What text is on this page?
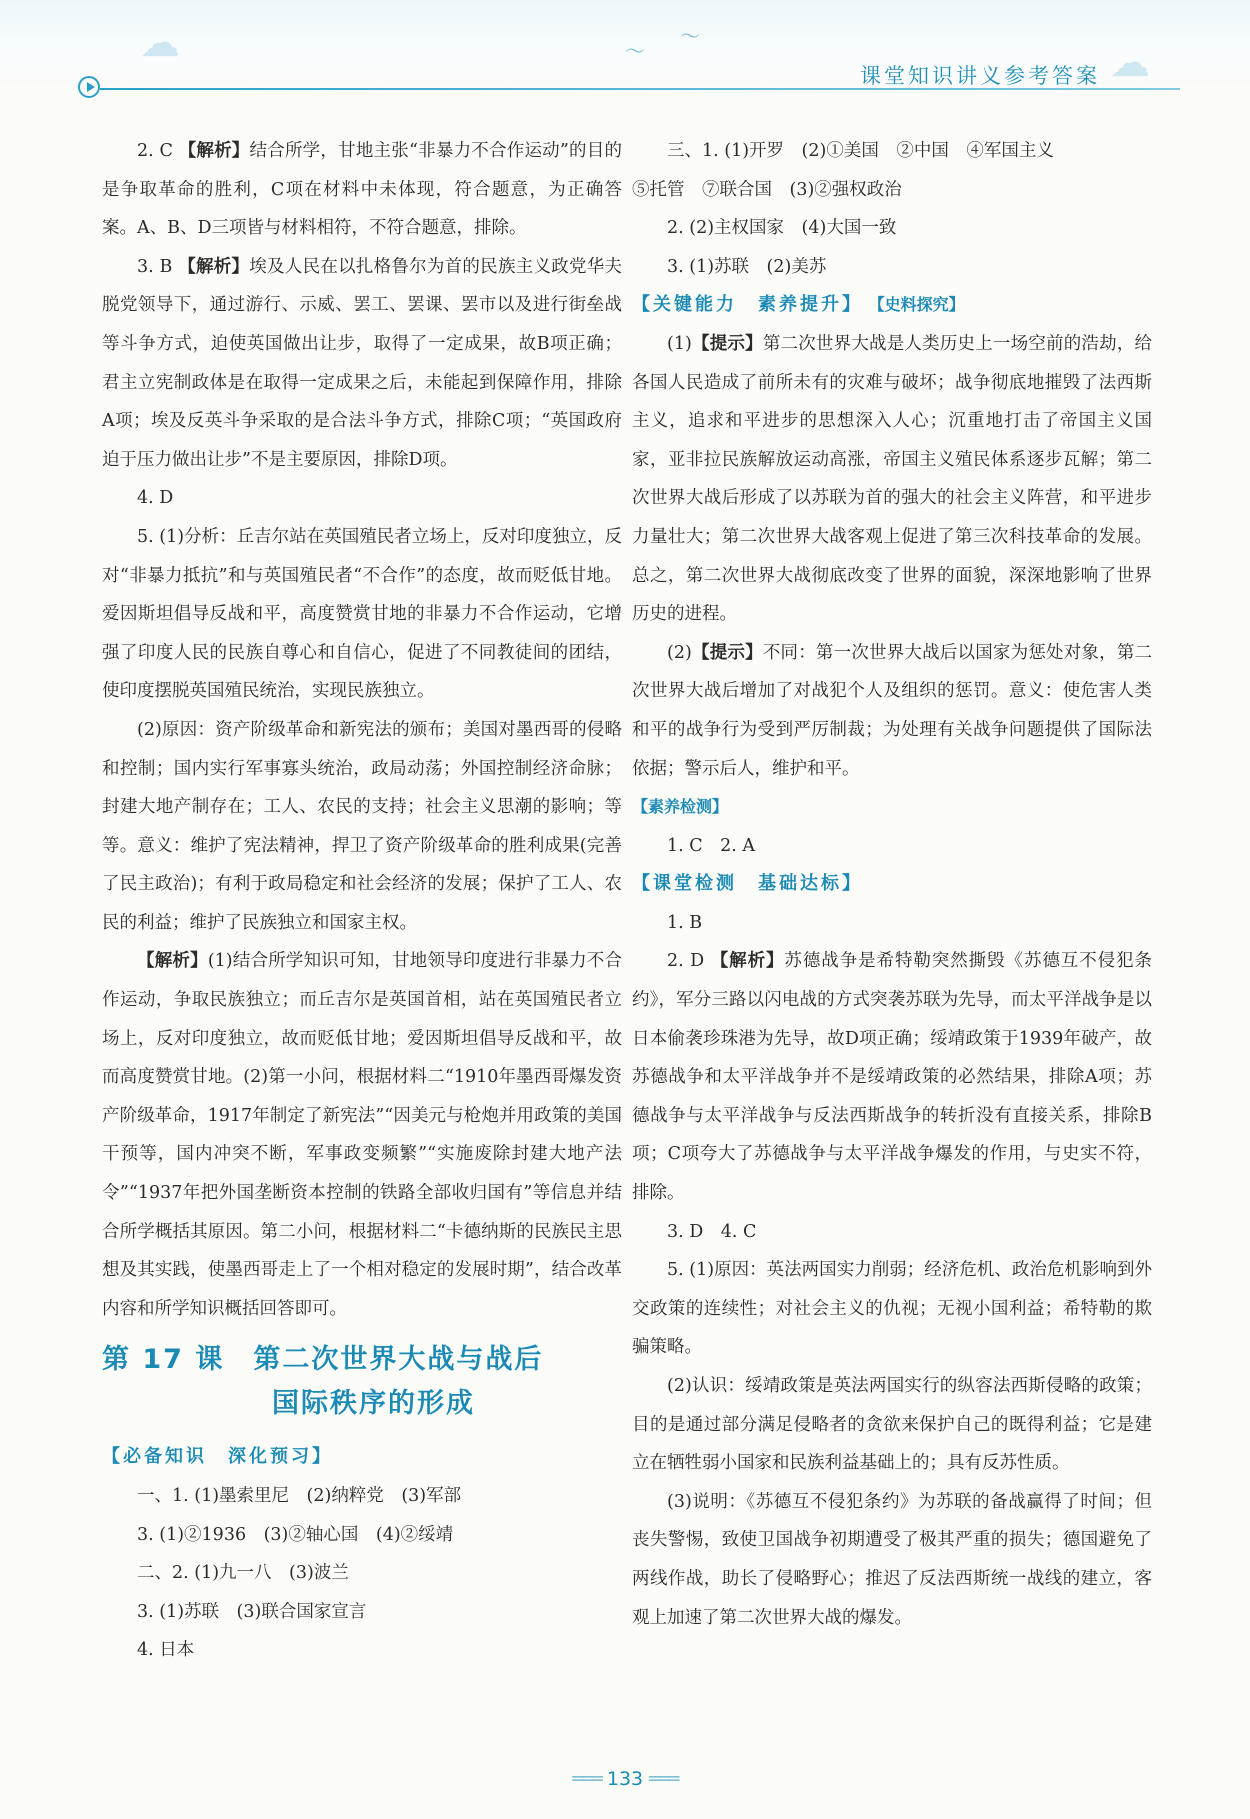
☁	〜
〜
☁
课堂知识讲义参考答案

2. C 【解析】结合所学，甘地主张“非暴力不合作运动”的目的是争取革命的胜利，C项在材料中未体现，符合题意，为正确答案。A、B、D三项皆与材料相符，不符合题意，排除。

3. B 【解析】埃及人民在以扎格鲁尔为首的民族主义政党华夫脱党领导下，通过游行、示威、罢工、罢课、罢市以及进行街垒战等斗争方式，迫使英国做出让步，取得了一定成果，故B项正确；君主立宪制政体是在取得一定成果之后，未能起到保障作用，排除A项；埃及反英斗争采取的是合法斗争方式，排除C项；“英国政府迫于压力做出让步”不是主要原因，排除D项。

4. D

5. (1)分析：丘吉尔站在英国殖民者立场上，反对印度独立，反对“非暴力抵抗”和与英国殖民者“不合作”的态度，故而贬低甘地。爱因斯坦倡导反战和平，高度赞赏甘地的非暴力不合作运动，它增强了印度人民的民族自尊心和自信心，促进了不同教徒间的团结，使印度摆脱英国殖民统治，实现民族独立。

(2)原因：资产阶级革命和新宪法的颁布；美国对墨西哥的侵略和控制；国内实行军事寡头统治，政局动荡；外国控制经济命脉；封建大地产制存在；工人、农民的支持；社会主义思潮的影响；等等。意义：维护了宪法精神，捍卫了资产阶级革命的胜利成果(完善了民主政治)；有利于政局稳定和社会经济的发展；保护了工人、农民的利益；维护了民族独立和国家主权。

【解析】(1)结合所学知识可知，甘地领导印度进行非暴力不合作运动，争取民族独立；而丘吉尔是英国首相，站在英国殖民者立场上，反对印度独立，故而贬低甘地；爱因斯坦倡导反战和平，故而高度赞赏甘地。(2)第一小问，根据材料二“1910年墨西哥爆发资产阶级革命，1917年制定了新宪法”“因美元与枪炮并用政策的美国干预等，国内冲突不断，军事政变频繁”“实施废除封建大地产法令”“1937年把外国垄断资本控制的铁路全部收归国有”等信息并结合所学概括其原因。第二小问，根据材料二“卡德纳斯的民族民主思想及其实践，使墨西哥走上了一个相对稳定的发展时期”，结合改革内容和所学知识概括回答即可。

第 17 课　第二次世界大战与战后
国际秩序的形成
【必备知识　深化预习】

一、1. (1)墨索里尼　(2)纳粹党　(3)军部

3. (1)②1936　(3)②轴心国　(4)②绥靖

二、2. (1)九一八　(3)波兰

3. (1)苏联　(3)联合国家宣言

4. 日本

三、1. (1)开罗　(2)①美国　②中国　④军国主义

⑤托管　⑦联合国　(3)②强权政治

2. (2)主权国家　(4)大国一致

3. (1)苏联　(2)美苏

【关键能力　素养提升】 【史料探究】

(1)【提示】第二次世界大战是人类历史上一场空前的浩劫，给各国人民造成了前所未有的灾难与破坏；战争彻底地摧毁了法西斯主义，追求和平进步的思想深入人心；沉重地打击了帝国主义国家，亚非拉民族解放运动高涨，帝国主义殖民体系逐步瓦解；第二次世界大战后形成了以苏联为首的强大的社会主义阵营，和平进步力量壮大；第二次世界大战客观上促进了第三次科技革命的发展。总之，第二次世界大战彻底改变了世界的面貌，深深地影响了世界历史的进程。

(2)【提示】不同：第一次世界大战后以国家为惩处对象，第二次世界大战后增加了对战犯个人及组织的惩罚。意义：使危害人类和平的战争行为受到严厉制裁；为处理有关战争问题提供了国际法依据；警示后人，维护和平。

【素养检测】

1. C　2. A

【课堂检测　基础达标】

1. B

2. D 【解析】苏德战争是希特勒突然撕毁《苏德互不侵犯条约》，军分三路以闪电战的方式突袭苏联为先导，而太平洋战争是以日本偷袭珍珠港为先导，故D项正确；绥靖政策于1939年破产，故苏德战争和太平洋战争并不是绥靖政策的必然结果，排除A项；苏德战争与太平洋战争与反法西斯战争的转折没有直接关系，排除B项；C项夸大了苏德战争与太平洋战争爆发的作用，与史实不符，排除。

3. D　4. C

5. (1)原因：英法两国实力削弱；经济危机、政治危机影响到外交政策的连续性；对社会主义的仇视；无视小国利益；希特勒的欺骗策略。

(2)认识：绥靖政策是英法两国实行的纵容法西斯侵略的政策；目的是通过部分满足侵略者的贪欲来保护自己的既得利益；它是建立在牺牲弱小国家和民族利益基础上的；具有反苏性质。

(3)说明：《苏德互不侵犯条约》为苏联的备战赢得了时间；但丧失警惕，致使卫国战争初期遭受了极其严重的损失；德国避免了两线作战，助长了侵略野心；推迟了反法西斯统一战线的建立，客观上加速了第二次世界大战的爆发。

═══ 133 ═══
